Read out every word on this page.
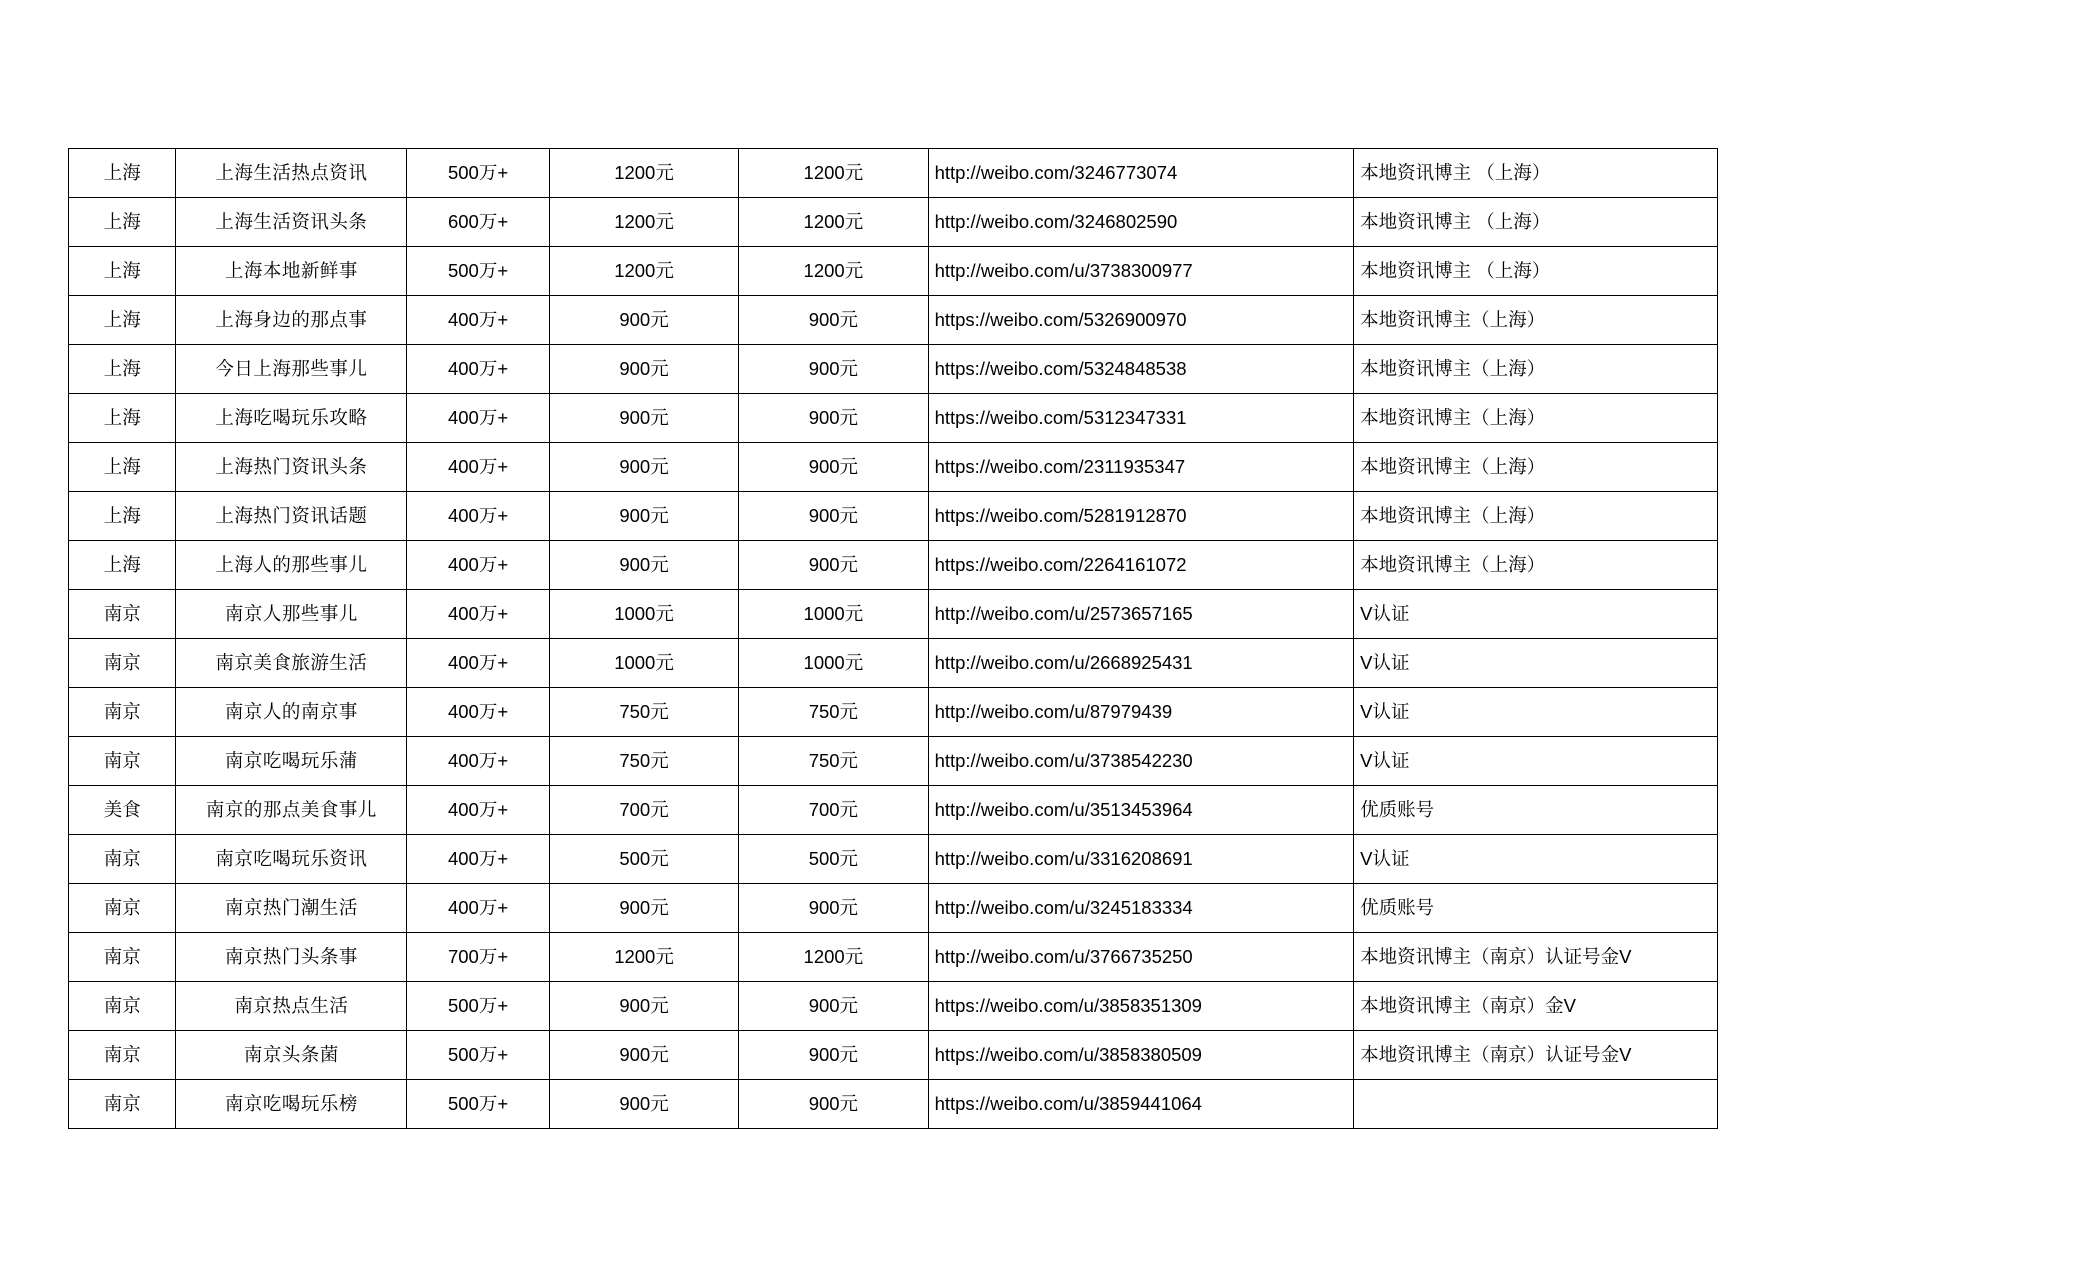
上海	上海生活热点资讯	500万+	1200元	1200元	http://weibo.com/3246773074	本地资讯博主 （上海）
上海	上海生活资讯头条	600万+	1200元	1200元	http://weibo.com/3246802590	本地资讯博主 （上海）
上海	上海本地新鲜事	500万+	1200元	1200元	http://weibo.com/u/3738300977	本地资讯博主 （上海）
上海	上海身边的那点事	400万+	900元	900元	https://weibo.com/5326900970	本地资讯博主（上海）
上海	今日上海那些事儿	400万+	900元	900元	https://weibo.com/5324848538	本地资讯博主（上海）
上海	上海吃喝玩乐攻略	400万+	900元	900元	https://weibo.com/5312347331	本地资讯博主（上海）
上海	上海热门资讯头条	400万+	900元	900元	https://weibo.com/2311935347	本地资讯博主（上海）
上海	上海热门资讯话题	400万+	900元	900元	https://weibo.com/5281912870	本地资讯博主（上海）
上海	上海人的那些事儿	400万+	900元	900元	https://weibo.com/2264161072	本地资讯博主（上海）
南京	南京人那些事儿	400万+	1000元	1000元	http://weibo.com/u/2573657165	V认证
南京	南京美食旅游生活	400万+	1000元	1000元	http://weibo.com/u/2668925431	V认证
南京	南京人的南京事	400万+	750元	750元	http://weibo.com/u/87979439	V认证
南京	南京吃喝玩乐蒲	400万+	750元	750元	http://weibo.com/u/3738542230	V认证
美食	南京的那点美食事儿	400万+	700元	700元	http://weibo.com/u/3513453964	优质账号
南京	南京吃喝玩乐资讯	400万+	500元	500元	http://weibo.com/u/3316208691	V认证
南京	南京热门潮生活	400万+	900元	900元	http://weibo.com/u/3245183334	优质账号
南京	南京热门头条事	700万+	1200元	1200元	http://weibo.com/u/3766735250	本地资讯博主（南京）认证号金V
南京	南京热点生活	500万+	900元	900元	https://weibo.com/u/3858351309	本地资讯博主（南京）金V
南京	南京头条菌	500万+	900元	900元	https://weibo.com/u/3858380509	本地资讯博主（南京）认证号金V
南京	南京吃喝玩乐榜	500万+	900元	900元	https://weibo.com/u/3859441064	
